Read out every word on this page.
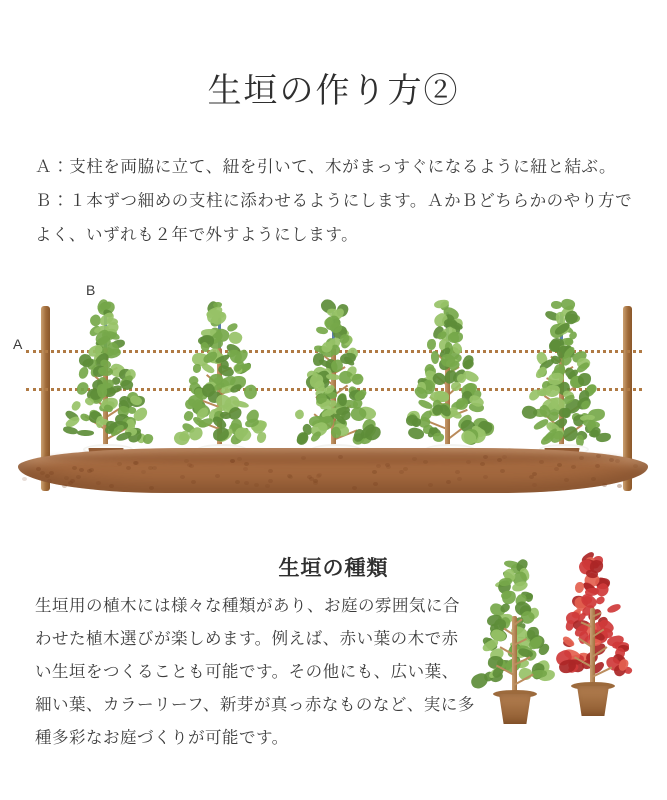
生垣の作り方②

Ａ：支柱を両脇に立て、紐を引いて、木がまっすぐになるように紐と結ぶ。Ｂ：１本ずつ細めの支柱に添わせるようにします。ＡかＢどちらかのやり方でよく、いずれも２年で外すようにします。

A
B
生垣の種類

生垣用の植木には様々な種類があり、お庭の雰囲気に合わせた植木選びが楽しめます。例えば、赤い葉の木で赤い生垣をつくることも可能です。その他にも、広い葉、細い葉、カラーリーフ、新芽が真っ赤なものなど、実に多種多彩なお庭づくりが可能です。
